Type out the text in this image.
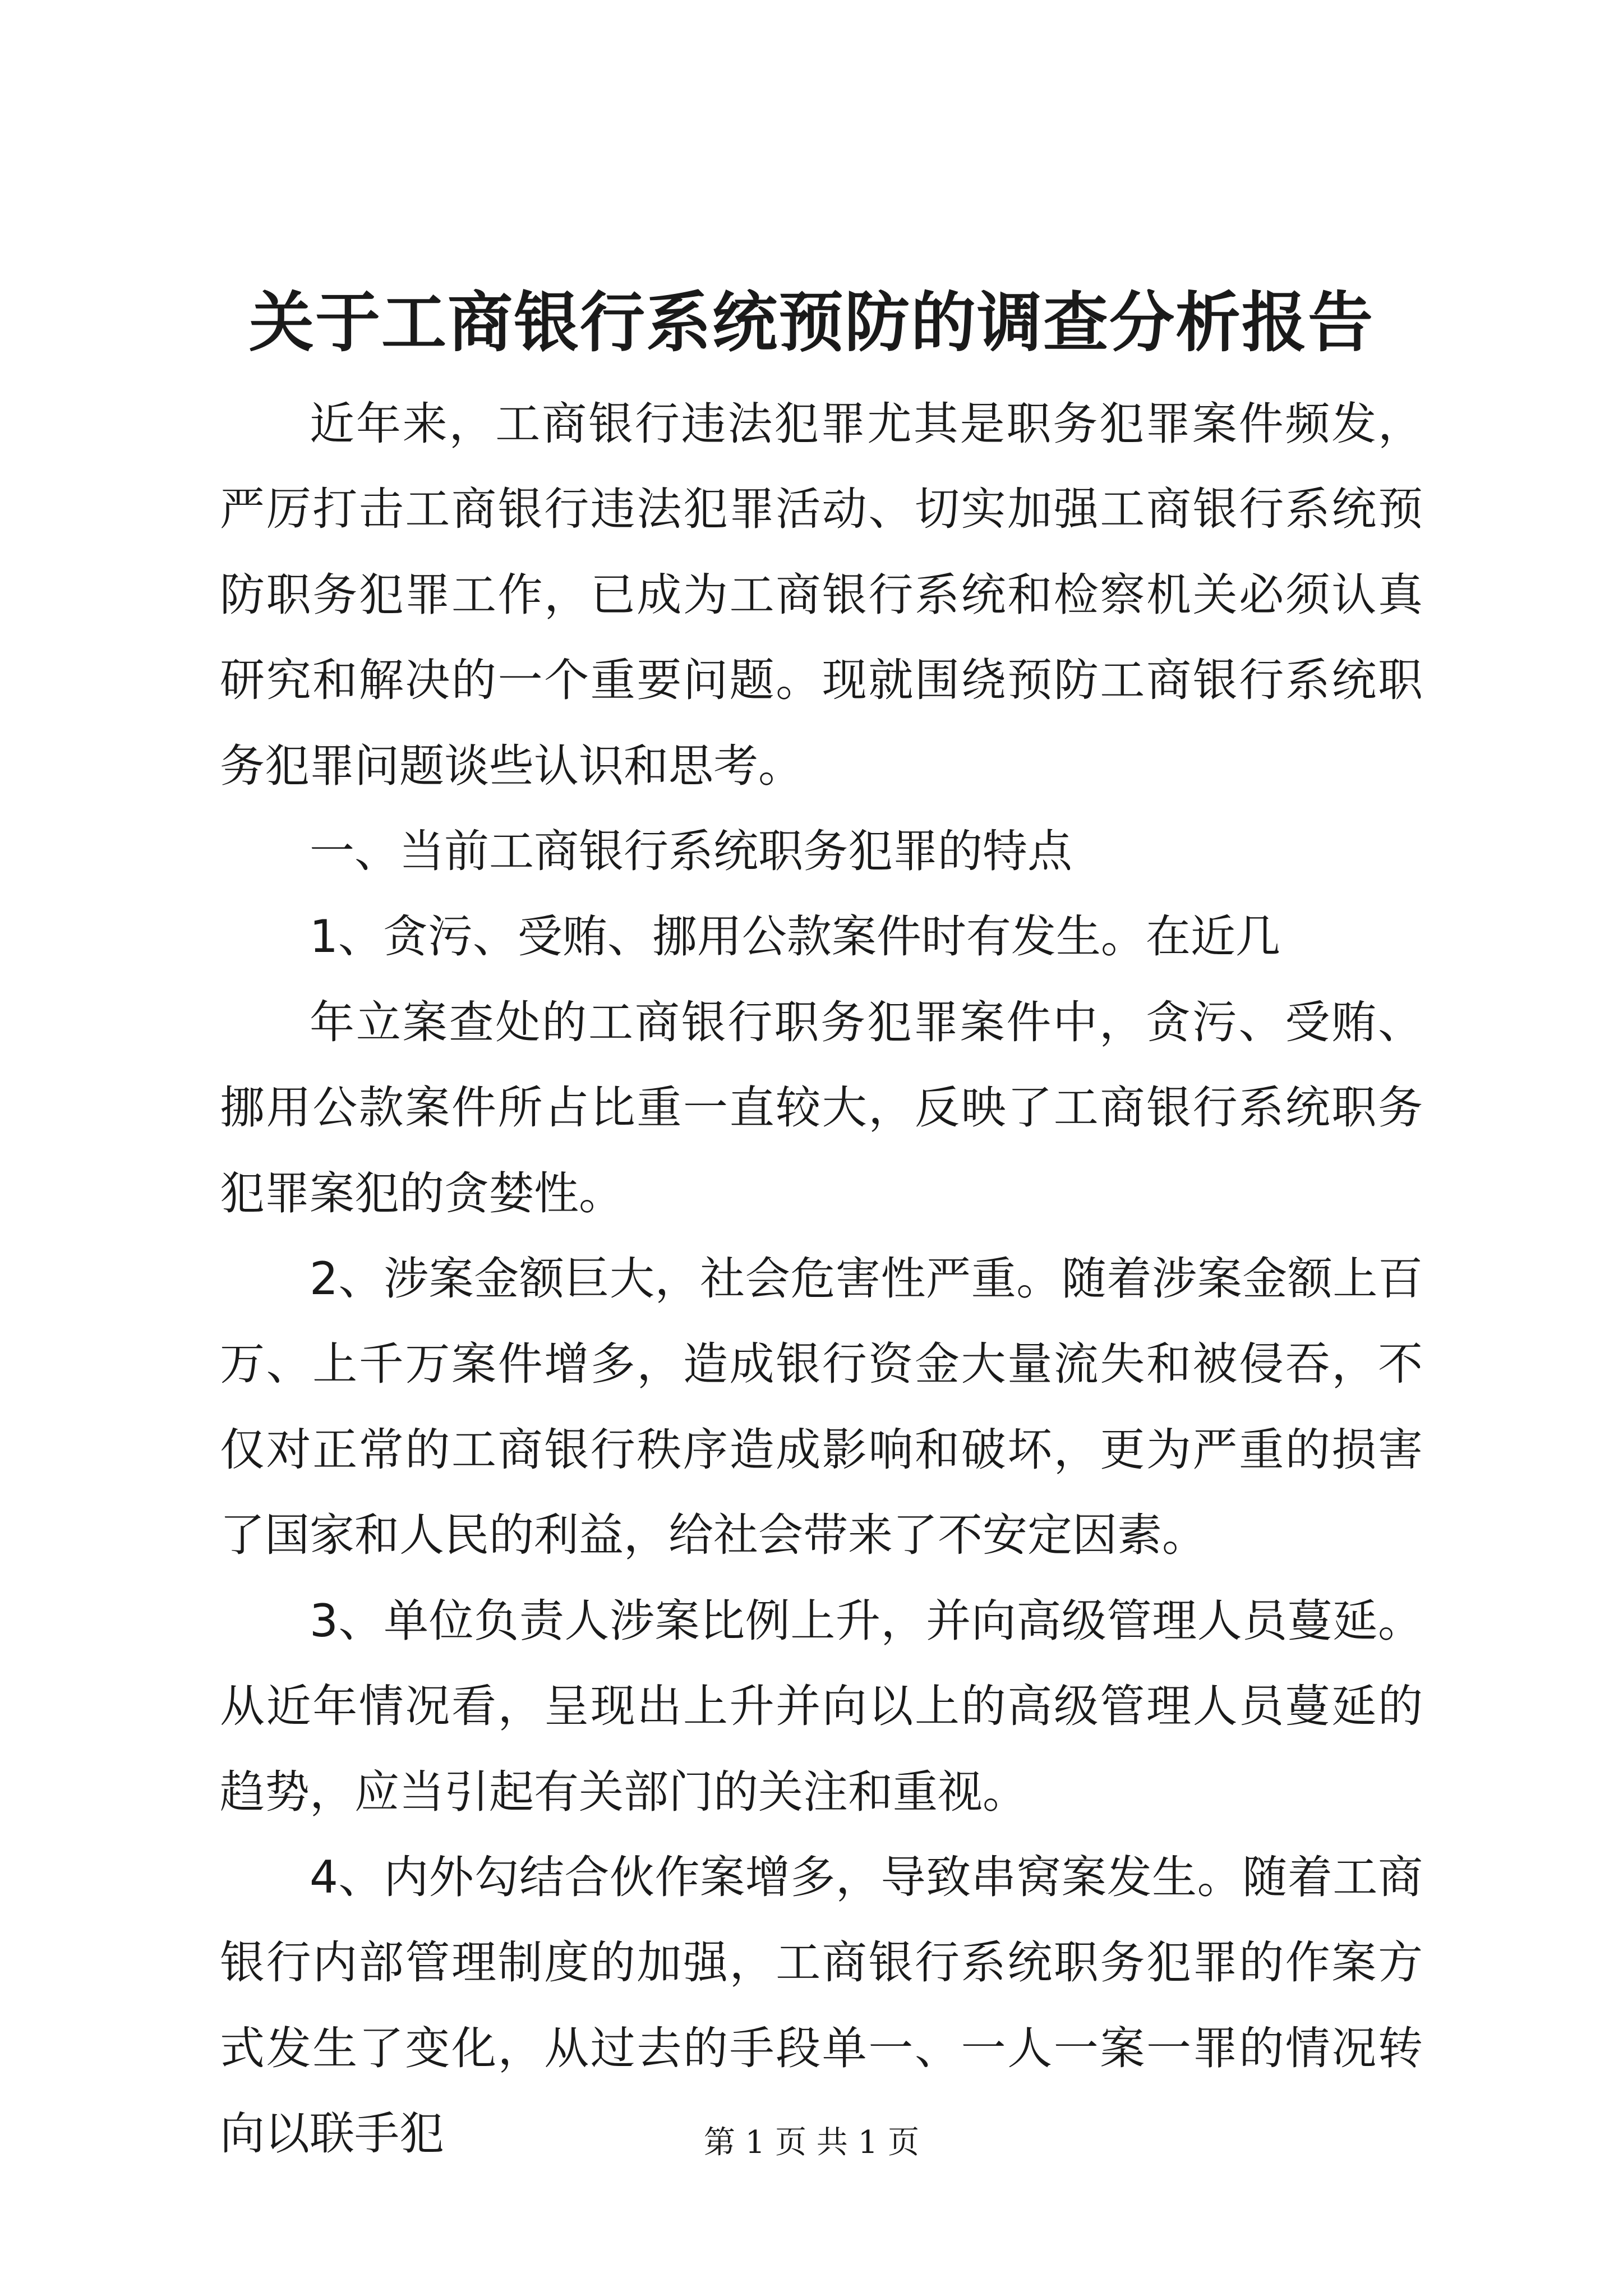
关于工商银行系统预防的调查分析报告

近年来，工商银行违法犯罪尤其是职务犯罪案件频发，严厉打击工商银行违法犯罪活动、切实加强工商银行系统预防职务犯罪工作，已成为工商银行系统和检察机关必须认真研究和解决的一个重要问题。现就围绕预防工商银行系统职务犯罪问题谈些认识和思考。

一、当前工商银行系统职务犯罪的特点

1、贪污、受贿、挪用公款案件时有发生。在近几

年立案查处的工商银行职务犯罪案件中，贪污、受贿、挪用公款案件所占比重一直较大，反映了工商银行系统职务犯罪案犯的贪婪性。

2、涉案金额巨大，社会危害性严重。随着涉案金额上百万、上千万案件增多，造成银行资金大量流失和被侵吞，不仅对正常的工商银行秩序造成影响和破坏，更为严重的损害了国家和人民的利益，给社会带来了不安定因素。

3、单位负责人涉案比例上升，并向高级管理人员蔓延。从近年情况看，呈现出上升并向以上的高级管理人员蔓延的趋势，应当引起有关部门的关注和重视。

4、内外勾结合伙作案增多，导致串窝案发生。随着工商银行内部管理制度的加强，工商银行系统职务犯罪的作案方式发生了变化，从过去的手段单一、一人一案一罪的情况转向以联手犯	第 1 页 共 1 页
